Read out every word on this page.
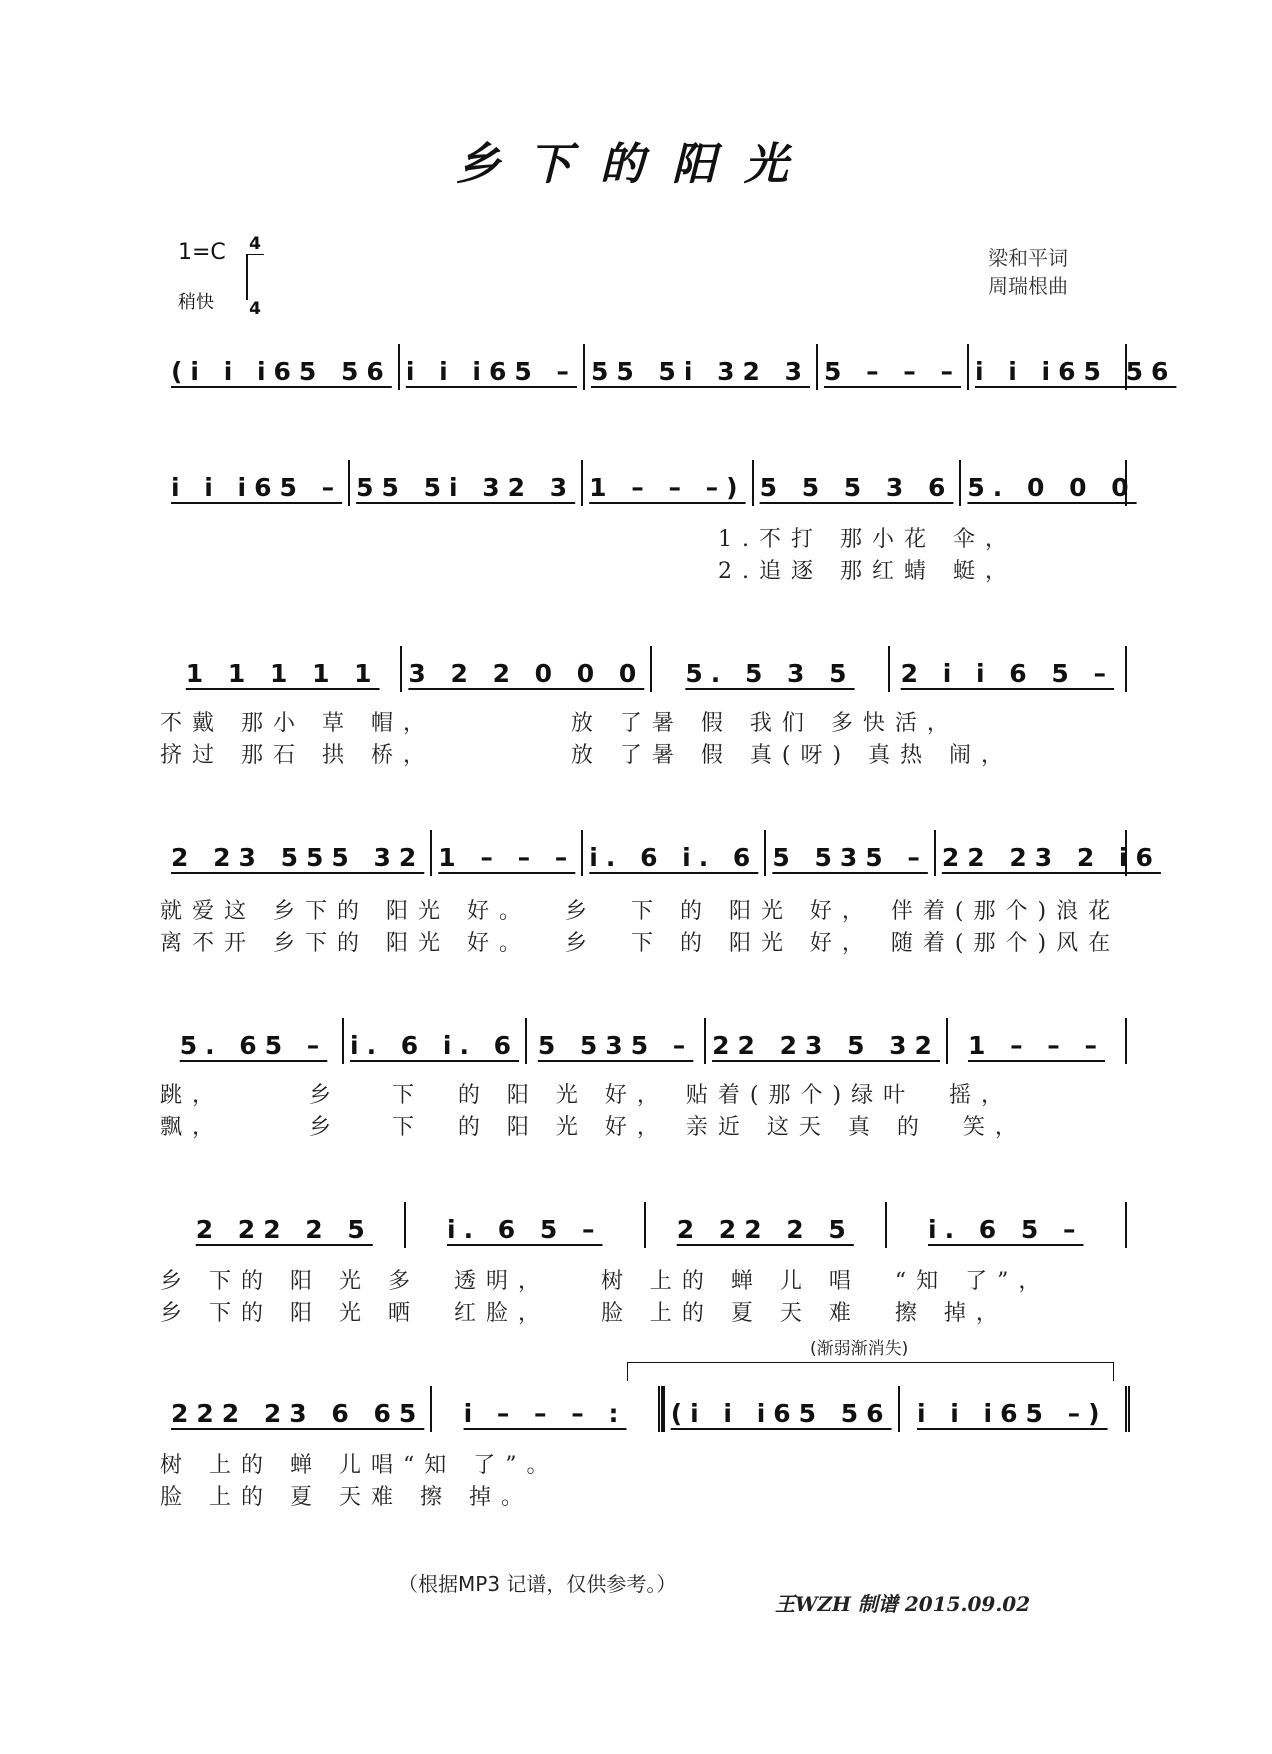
乡下的阳光
1=C 4
4
稍快
梁和平词
周瑞根曲
(i i i65 56 i i i65 – 55 5i 32 3 5 – – – i i i65 56
i i i65 – 55 5i 32 3 1 – – –) 5 5 5 3 6 5. 0 0 0
1.不打 那小花 伞，
2.追逐 那红蜻 蜓，
1 1 1 1 1 3 2 2 0 0 0 5. 5 3 5 2 i i 6 5 –
不戴 那小 草 帽，        放 了暑 假 我们 多快活，
挤过 那石 拱 桥，        放 了暑 假 真(呀) 真热 闹，
2 23 555 32 1 – – – i. 6 i. 6 5 535 – 22 23 2 i6
就爱这 乡下的 阳光 好。  乡  下 的 阳光 好， 伴着(那个)浪花
离不开 乡下的 阳光 好。  乡  下 的 阳光 好， 随着(那个)风在
5. 65 – i. 6 i. 6 5 535 – 22 23 5 32 1 – – –
跳，     乡   下  的 阳 光 好， 贴着(那个)绿叶  摇，
飘，     乡   下  的 阳 光 好， 亲近 这天 真 的  笑，
2 22 2 5	i. 6 5 –	2 22 2 5	i. 6 5 –
乡 下的 阳 光 多  透明，   树 上的 蝉 儿 唱  “知 了”，
乡 下的 阳 光 晒  红脸，   脸 上的 夏 天 难  擦 掉，
(渐弱渐消失)
222 23 6 65 i – – – : (i i i65 56 i i i65 –)
树 上的 蝉 儿唱“知 了”。
脸 上的 夏 天难 擦 掉。
（根据MP3 记谱，仅供参考。）
王WZH 制谱 2015.09.02
